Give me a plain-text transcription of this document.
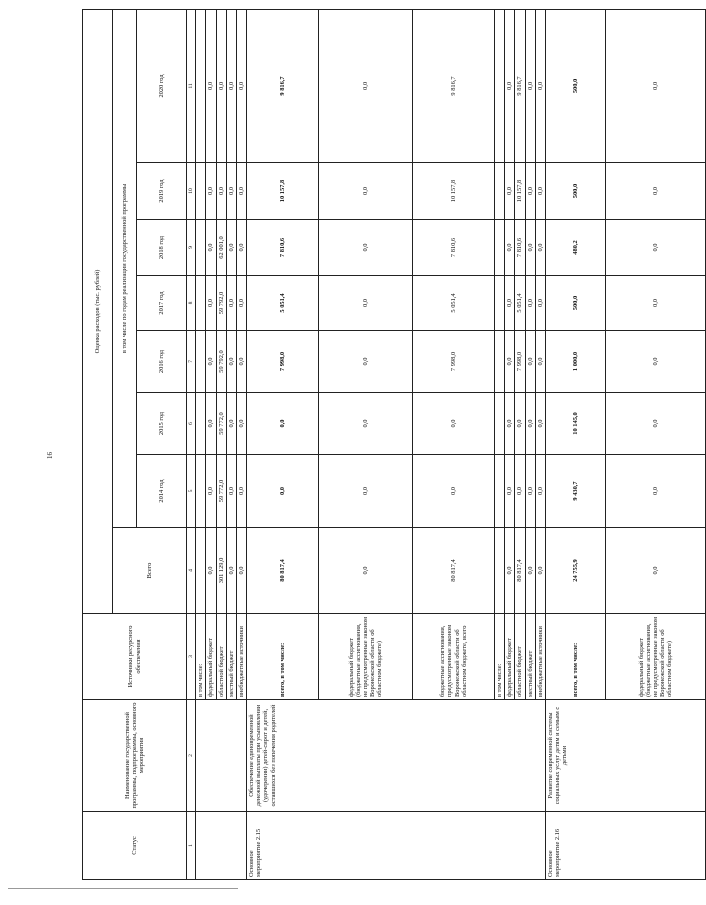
16
Статус	Наименование государственной программы, подпрограммы, основного мероприятия	Источники ресурсного обеспечения	Оценка расходов (тыс. рублей)							
			Всего	в том числе по годам реализации государственной программы						
				2014 год	2015 год	2016 год	2017 год	2018 год	2019 год	2020 год
1	2	3	4	5	6	7	8	9	10	11
		в том числе:								
		федеральный бюджет	0,0	0,0	0,0	0,0	0,0	0,0	0,0	0,0
		областной бюджет	301 129,0	59 772,0	59 772,0	59 792,0	59 792,0	62 001,0	0,0	0,0
		местный бюджет	0,0	0,0	0,0	0,0	0,0	0,0	0,0	0,0
		внебюджетные источники	0,0	0,0	0,0	0,0	0,0	0,0	0,0	0,0
Основное мероприятие 2.15	Обеспечение единовременной денежной выплаты при усыновлении (удочерении) детей-сирот и детей, оставшихся без попечения родителей	всего, в том числе:	80 817,4	0,0	0,0	7 998,0	5 051,4	7 810,6	10 157,8	9 816,7
		федеральный бюджет (бюджетные ассигнования, не предусмотренные законом Воронежской области об областном бюджете)	0,0	0,0	0,0	0,0	0,0	0,0	0,0	0,0
		бюджетные ассигнования, предусмотренные законом Воронежской области об областном бюджете, всего	80 817,4	0,0	0,0	7 998,0	5 051,4	7 810,6	10 157,8	9 816,7
		в том числе:								
		федеральный бюджет	0,0	0,0	0,0	0,0	0,0	0,0	0,0	0,0
		областной бюджет	80 817,4	0,0	0,0	7 998,0	5 051,4	7 810,6	10 157,8	9 816,7
		местный бюджет	0,0	0,0	0,0	0,0	0,0	0,0	0,0	0,0
		внебюджетные источники	0,0	0,0	0,0	0,0	0,0	0,0	0,0	0,0
Основное мероприятие 2.16	Развитие современной системы социальных услуг детям и семьям с детьми	всего, в том числе:	24 755,9	9 430,7	10 145,0	1 000,0	500,0	480,2	500,0	500,0
		федеральный бюджет (бюджетные ассигнования, не предусмотренные законом Воронежской области об областном бюджете)	0,0	0,0	0,0	0,0	0,0	0,0	0,0	0,0
